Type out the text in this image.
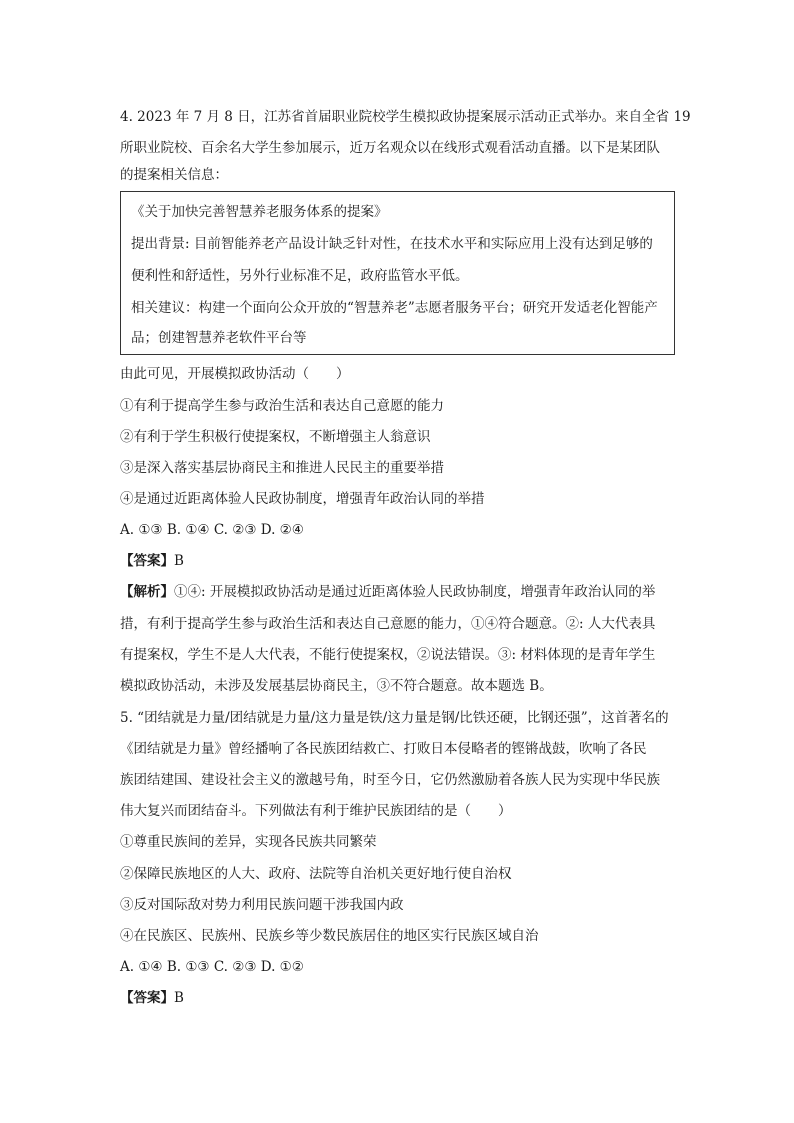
4. 2023 年 7 月 8 日，江苏省首届职业院校学生模拟政协提案展示活动正式举办。来自全省 19
所职业院校、百余名大学生参加展示，近万名观众以在线形式观看活动直播。以下是某团队
的提案相关信息：
《关于加快完善智慧养老服务体系的提案》
提出背景: 目前智能养老产品设计缺乏针对性，在技术水平和实际应用上没有达到足够的
便利性和舒适性，另外行业标准不足，政府监管水平低。
相关建议：构建一个面向公众开放的“智慧养老”志愿者服务平台；研究开发适老化智能产
品；创建智慧养老软件平台等
由此可见，开展模拟政协活动（　　）
①有利于提高学生参与政治生活和表达自己意愿的能力
②有利于学生积极行使提案权，不断增强主人翁意识
③是深入落实基层协商民主和推进人民民主的重要举措
④是通过近距离体验人民政协制度，增强青年政治认同的举措
A. ①③ B. ①④ C. ②③ D. ②④
【答案】B
【解析】①④: 开展模拟政协活动是通过近距离体验人民政协制度，增强青年政治认同的举
措，有利于提高学生参与政治生活和表达自己意愿的能力，①④符合题意。②: 人大代表具
有提案权，学生不是人大代表，不能行使提案权，②说法错误。③: 材料体现的是青年学生
模拟政协活动，未涉及发展基层协商民主，③不符合题意。故本题选 B。
5. “团结就是力量/团结就是力量/这力量是铁/这力量是钢/比铁还硬，比钢还强”，这首著名的
《团结就是力量》曾经播响了各民族团结救亡、打败日本侵略者的铿锵战鼓，吹响了各民
族团结建国、建设社会主义的激越号角，时至今日，它仍然激励着各族人民为实现中华民族
伟大复兴而团结奋斗。下列做法有利于维护民族团结的是（　　）
①尊重民族间的差异，实现各民族共同繁荣
②保障民族地区的人大、政府、法院等自治机关更好地行使自治权
③反对国际敌对势力利用民族问题干涉我国内政
④在民族区、民族州、民族乡等少数民族居住的地区实行民族区域自治
A. ①④ B. ①③ C. ②③ D. ①②
【答案】B
